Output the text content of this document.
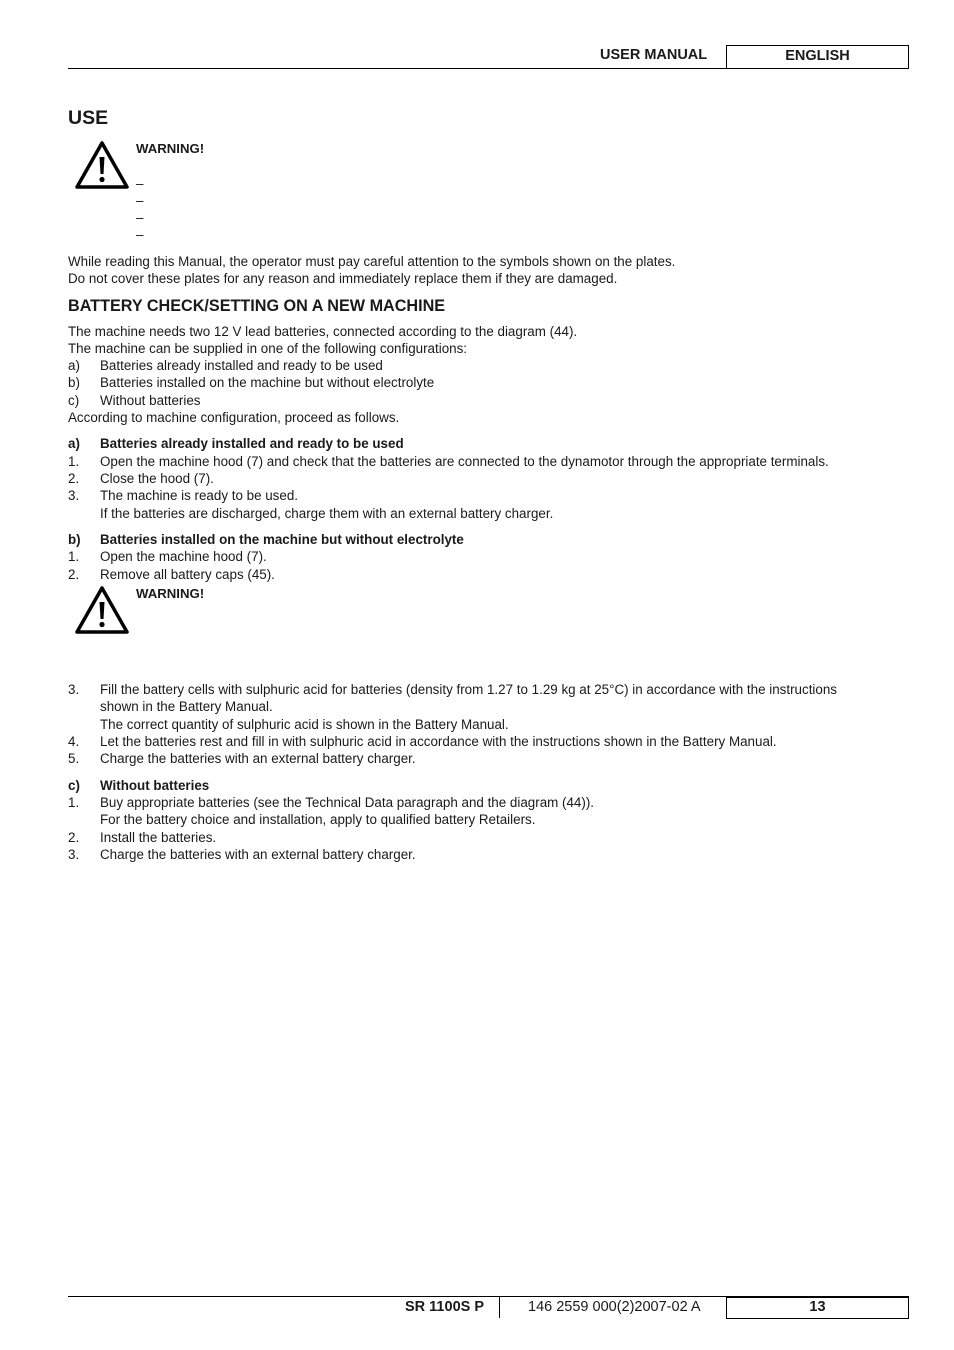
USER MANUAL	ENGLISH
USE
WARNING!
–
–
–
–
While reading this Manual, the operator must pay careful attention to the symbols shown on the plates.
Do not cover these plates for any reason and immediately replace them if they are damaged.
BATTERY CHECK/SETTING ON A NEW MACHINE
The machine needs two 12 V lead batteries, connected according to the diagram (44).
The machine can be supplied in one of the following configurations:
a) Batteries already installed and ready to be used
b) Batteries installed on the machine but without electrolyte
c) Without batteries
According to machine configuration, proceed as follows.
a) Batteries already installed and ready to be used
1. Open the machine hood (7) and check that the batteries are connected to the dynamotor through the appropriate terminals.
2. Close the hood (7).
3. The machine is ready to be used.
If the batteries are discharged, charge them with an external battery charger.
b) Batteries installed on the machine but without electrolyte
1. Open the machine hood (7).
2. Remove all battery caps (45).
WARNING!
3. Fill the battery cells with sulphuric acid for batteries (density from 1.27 to 1.29 kg at 25°C) in accordance with the instructions
shown in the Battery Manual.
The correct quantity of sulphuric acid is shown in the Battery Manual.
4. Let the batteries rest and fill in with sulphuric acid in accordance with the instructions shown in the Battery Manual.
5. Charge the batteries with an external battery charger.
c) Without batteries
1. Buy appropriate batteries (see the Technical Data paragraph and the diagram (44)).
For the battery choice and installation, apply to qualified battery Retailers.
2. Install the batteries.
3. Charge the batteries with an external battery charger.
SR 1100S P	146 2559 000(2)2007-02 A	13
